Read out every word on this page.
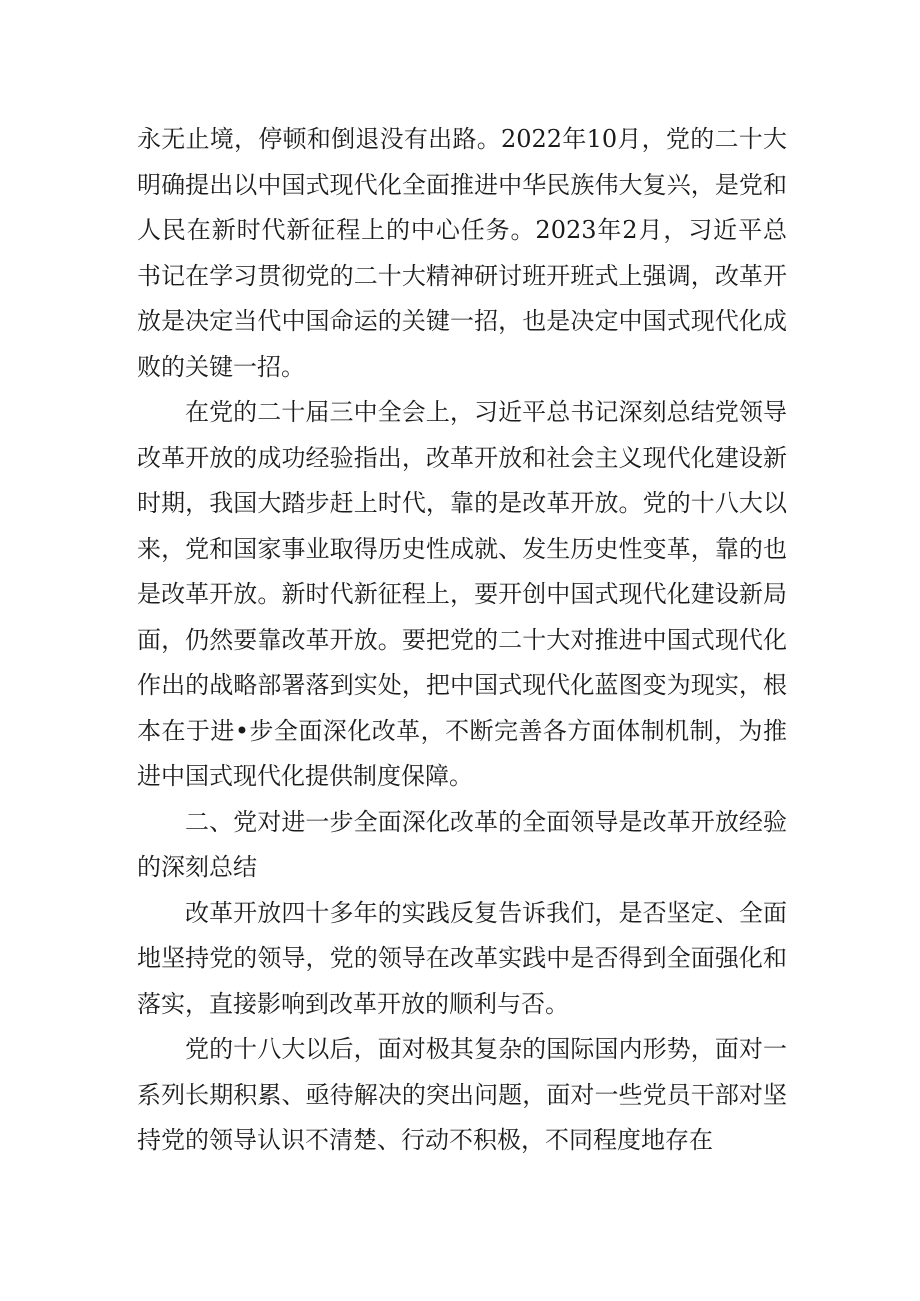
永无止境，停顿和倒退没有出路。2022年10月，党的二十大明确提出以中国式现代化全面推进中华民族伟大复兴，是党和人民在新时代新征程上的中心任务。2023年2月，习近平总书记在学习贯彻党的二十大精神研讨班开班式上强调，改革开放是决定当代中国命运的关键一招，也是决定中国式现代化成败的关键一招。

在党的二十届三中全会上，习近平总书记深刻总结党领导改革开放的成功经验指出，改革开放和社会主义现代化建设新时期，我国大踏步赶上时代，靠的是改革开放。党的十八大以来，党和国家事业取得历史性成就、发生历史性变革，靠的也是改革开放。新时代新征程上，要开创中国式现代化建设新局面，仍然要靠改革开放。要把党的二十大对推进中国式现代化作出的战略部署落到实处，把中国式现代化蓝图变为现实，根本在于进•步全面深化改革，不断完善各方面体制机制，为推进中国式现代化提供制度保障。

二、党对进一步全面深化改革的全面领导是改革开放经验的深刻总结

改革开放四十多年的实践反复告诉我们，是否坚定、全面地坚持党的领导，党的领导在改革实践中是否得到全面强化和落实，直接影响到改革开放的顺利与否。

党的十八大以后，面对极其复杂的国际国内形势，面对一系列长期积累、亟待解决的突出问题，面对一些党员干部对坚持党的领导认识不清楚、行动不积极，不同程度地存在
